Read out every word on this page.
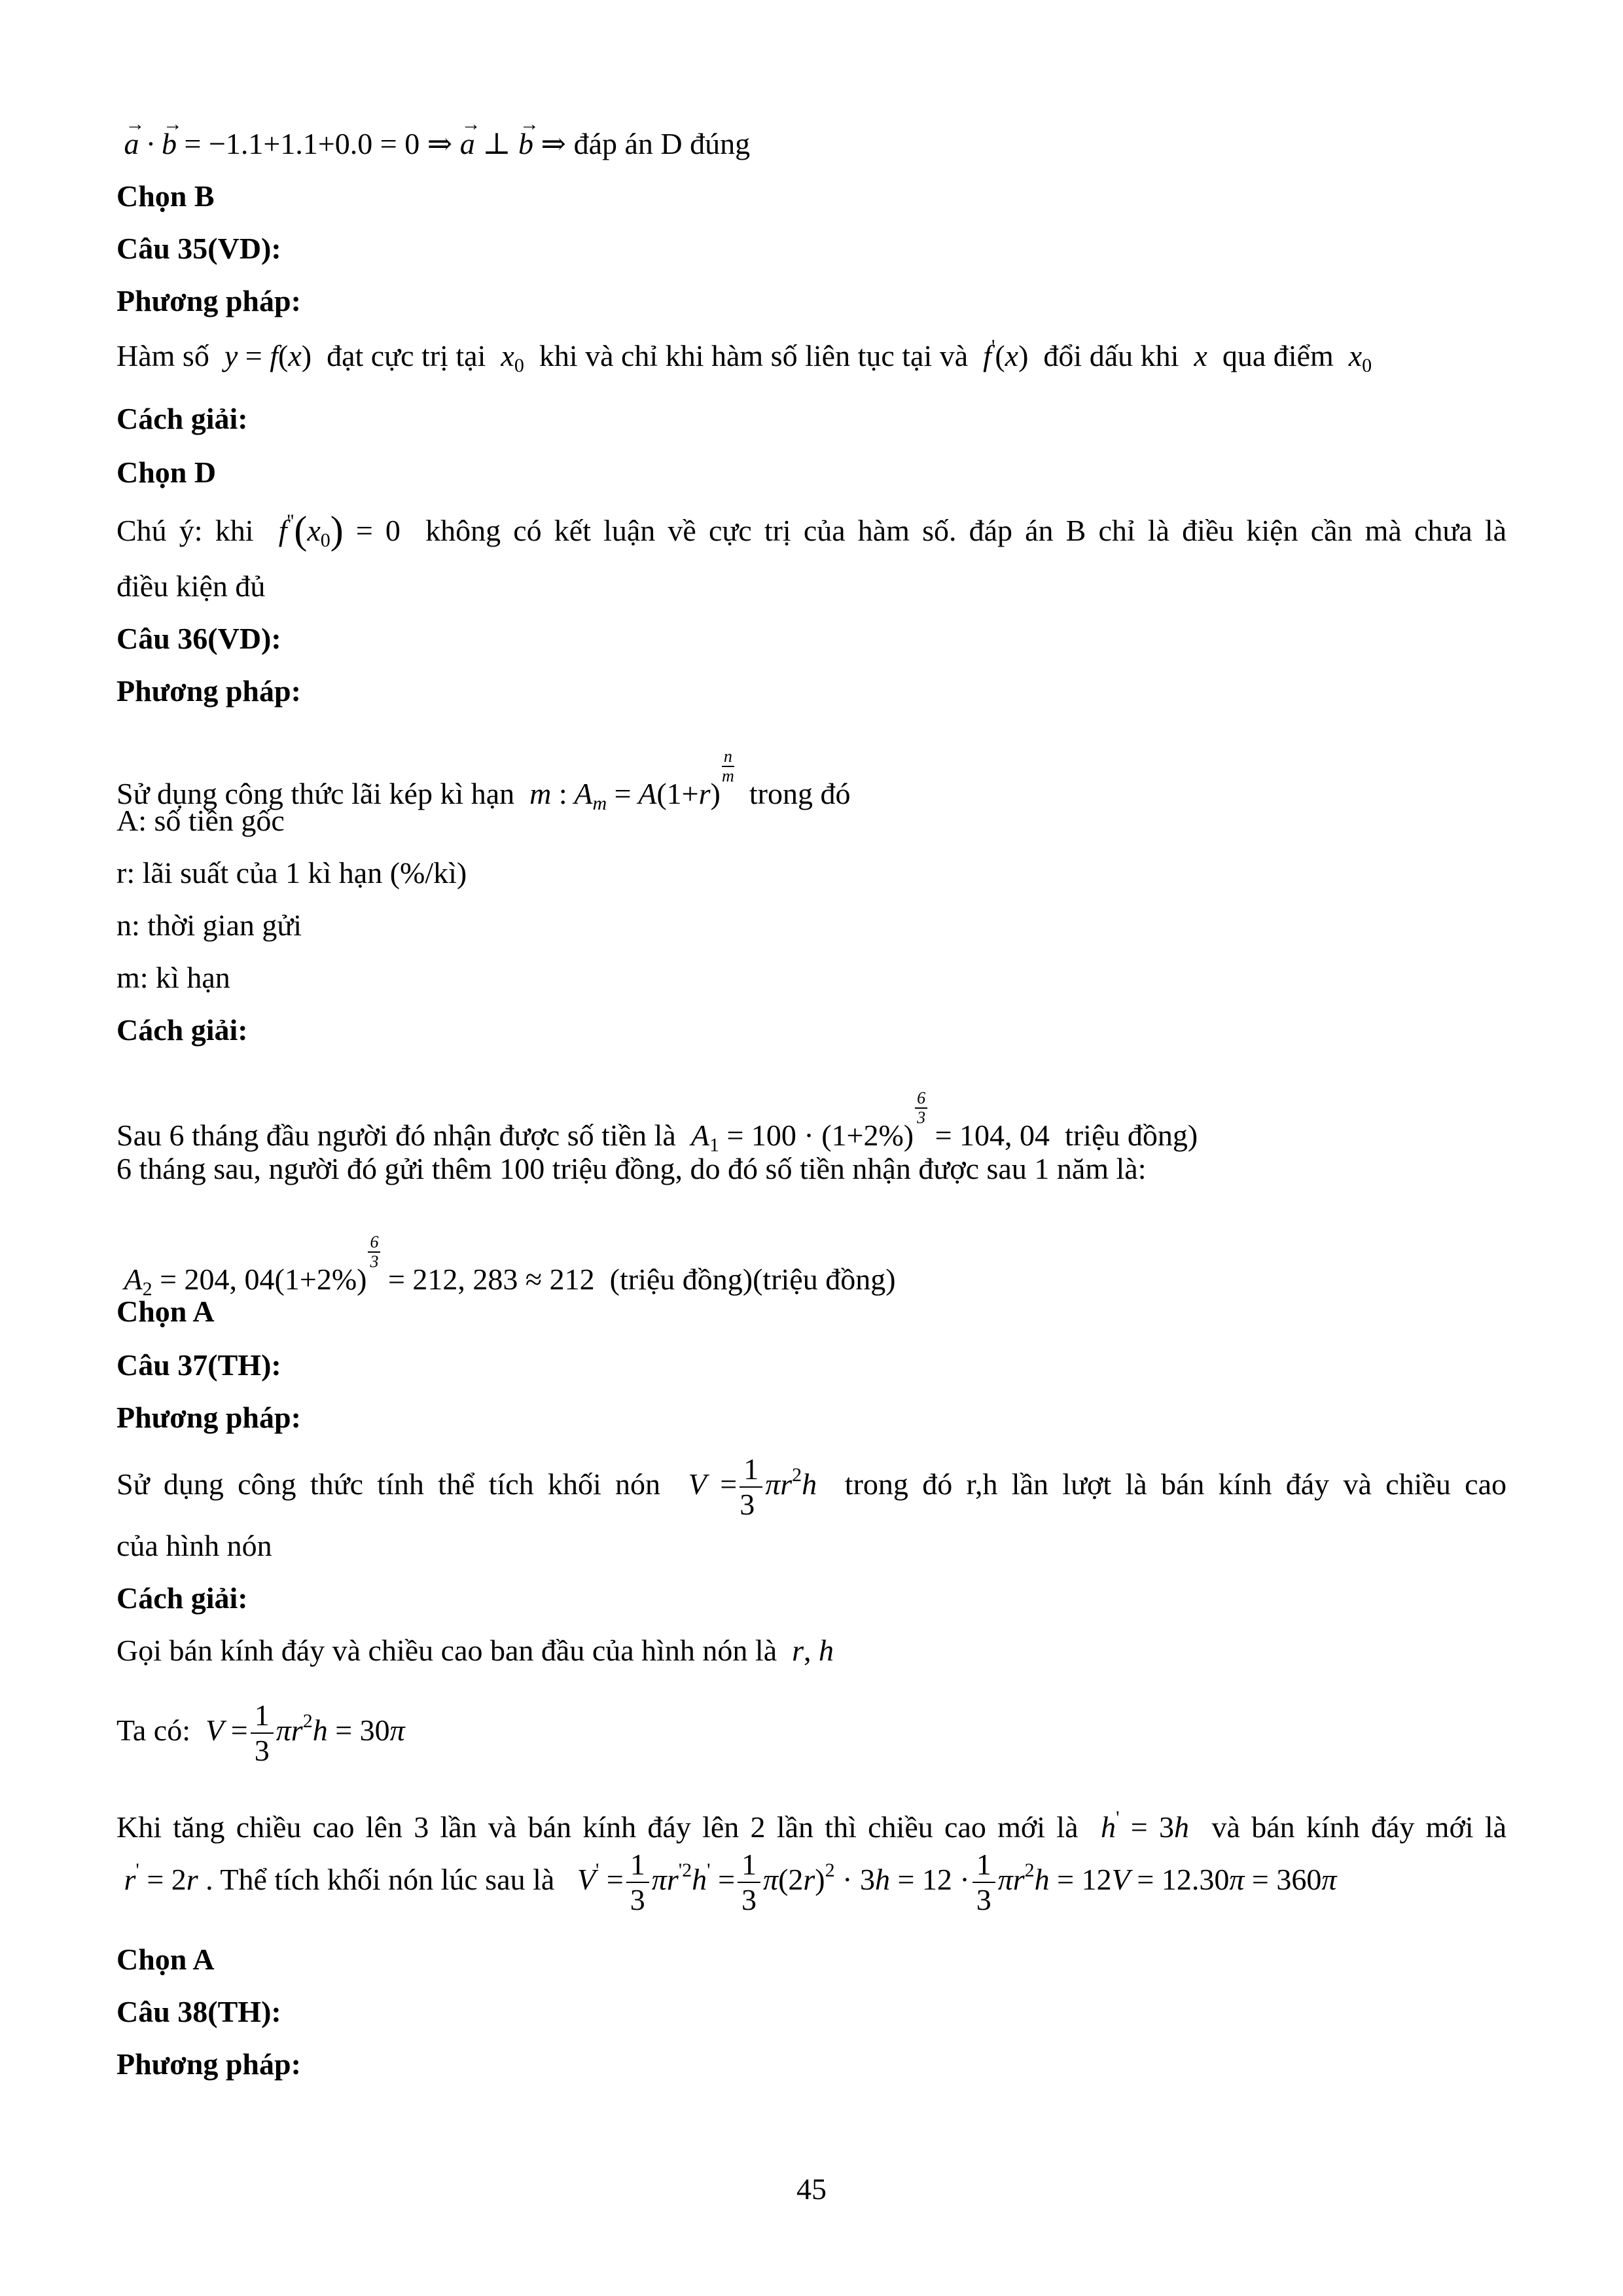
→ a · → b = −1.1+1.1+0.0 = 0 ⇒ → a ⊥ → b ⇒ đáp án D đúng
Chọn B
Câu 35(VD):
Phương pháp:
Hàm số  y = f(x) đạt cực trị tại  $x_0$ khi và chỉ khi hàm số liên tục tại và  f'(x) đổi dấu khi  x  qua điểm  $x_0$
Cách giải:
Chọn D
Chú ý: khi  $f''(x_0) = 0$ không có kết luận về cực trị của hàm số. đáp án B chỉ là điều kiện cần mà chưa là
điều kiện đủ
Câu 36(VD):
Phương pháp:
Sử dụng công thức lãi kép kì hạn  m : $A_m = A(1+r)$
$\frac{n}{m}$
trong đó
A: số tiền gốc
r: lãi suất của 1 kì hạn (%/kì)
n: thời gian gửi
m: kì hạn
Cách giải:
Sau 6 tháng đầu người đó nhận được số tiền là  $A_1 = 100 \cdot (1+2\%)$
$\frac{6}{3}$
= 104, 04 triệu đồng)
6 tháng sau, người đó gửi thêm 100 triệu đồng, do đó số tiền nhận được sau 1 năm là:
$A_2 = 204$, 04(1+2%)
$\frac{6}{3}$
= 212, 283 ≈ 212 (triệu đồng)(triệu đồng)
Chọn A
Câu 37(TH):
Phương pháp:
Sử dụng công thức tính thể tích khối nón  $V = \frac{1}{3} \pi r^2h$  trong đó r,h lần lượt là bán kính đáy và chiều cao
của hình nón
Cách giải:
Gọi bán kính đáy và chiều cao ban đầu của hình nón là  r, h
Ta có:  $V = \frac{1}{3} \pi r^2h = 30\pi$
Khi tăng chiều cao lên 3 lần và bán kính đáy lên 2 lần thì chiều cao mới là  h' = 3h  và bán kính đáy mới là
r' = 2r . Thể tích khối nón lúc sau là   $V' = \frac{1}{3} \pi r^{'2}h' = \frac{1}{3} \pi(2r)^2 \cdot 3h = 12 \cdot \frac{1}{3} \pi r^2h = 12V = 12.30\pi = 360\pi$
Chọn A
Câu 38(TH):
Phương pháp:
45
